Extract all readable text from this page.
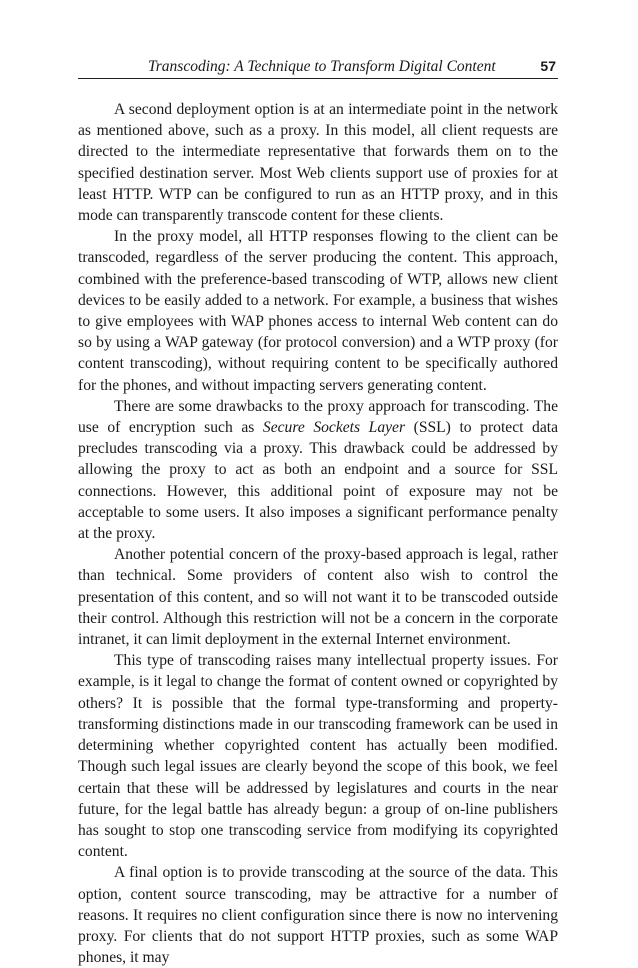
Transcoding: A Technique to Transform Digital Content	57

A second deployment option is at an intermediate point in the network as mentioned above, such as a proxy. In this model, all client requests are directed to the intermediate representative that forwards them on to the specified destination server. Most Web clients support use of proxies for at least HTTP. WTP can be configured to run as an HTTP proxy, and in this mode can transparently transcode content for these clients.

In the proxy model, all HTTP responses flowing to the client can be transcoded, regardless of the server producing the content. This approach, combined with the preference-based transcoding of WTP, allows new client devices to be easily added to a network. For example, a business that wishes to give employees with WAP phones access to internal Web content can do so by using a WAP gateway (for protocol conversion) and a WTP proxy (for content transcoding), without requiring content to be specifically authored for the phones, and without impacting servers generating content.

There are some drawbacks to the proxy approach for transcoding. The use of encryption such as Secure Sockets Layer (SSL) to protect data precludes transcoding via a proxy. This drawback could be addressed by allowing the proxy to act as both an endpoint and a source for SSL connections. However, this additional point of exposure may not be acceptable to some users. It also imposes a significant performance penalty at the proxy.

Another potential concern of the proxy-based approach is legal, rather than technical. Some providers of content also wish to control the presentation of this content, and so will not want it to be transcoded outside their control. Although this restriction will not be a concern in the corporate intranet, it can limit deployment in the external Internet environment.

This type of transcoding raises many intellectual property issues. For example, is it legal to change the format of content owned or copyrighted by others? It is possible that the formal type-transforming and property-transforming distinctions made in our transcoding framework can be used in determining whether copyrighted content has actually been modified. Though such legal issues are clearly beyond the scope of this book, we feel certain that these will be addressed by legislatures and courts in the near future, for the legal battle has already begun: a group of on-line publishers has sought to stop one transcoding service from modifying its copyrighted content.

A final option is to provide transcoding at the source of the data. This option, content source transcoding, may be attractive for a number of reasons. It requires no client configuration since there is now no intervening proxy. For clients that do not support HTTP proxies, such as some WAP phones, it may
